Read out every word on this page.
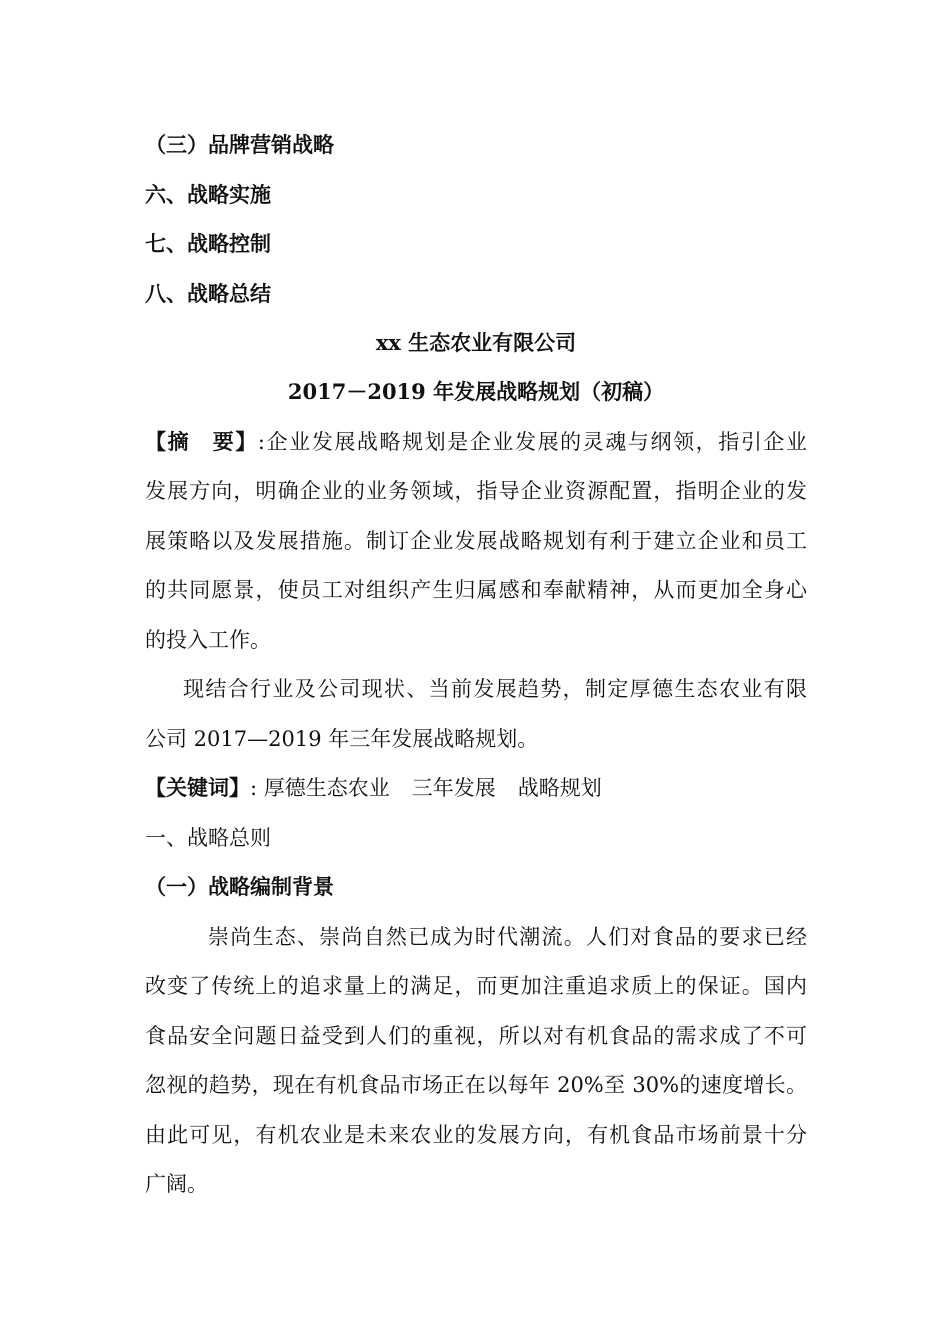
（三）品牌营销战略
六、战略实施
七、战略控制
八、战略总结
xx 生态农业有限公司
2017－2019 年发展战略规划（初稿）
【摘　要】:企业发展战略规划是企业发展的灵魂与纲领，指引企业
发展方向，明确企业的业务领域，指导企业资源配置，指明企业的发
展策略以及发展措施。制订企业发展战略规划有利于建立企业和员工
的共同愿景，使员工对组织产生归属感和奉献精神，从而更加全身心
的投入工作。
现结合行业及公司现状、当前发展趋势，制定厚德生态农业有限
公司 2017—2019 年三年发展战略规划。
【关键词】: 厚德生态农业 三年发展 战略规划
一、战略总则
（一）战略编制背景
崇尚生态、崇尚自然已成为时代潮流。人们对食品的要求已经
改变了传统上的追求量上的满足，而更加注重追求质上的保证。国内
食品安全问题日益受到人们的重视，所以对有机食品的需求成了不可
忽视的趋势，现在有机食品市场正在以每年 20%至 30%的速度增长。
由此可见，有机农业是未来农业的发展方向，有机食品市场前景十分
广阔。
